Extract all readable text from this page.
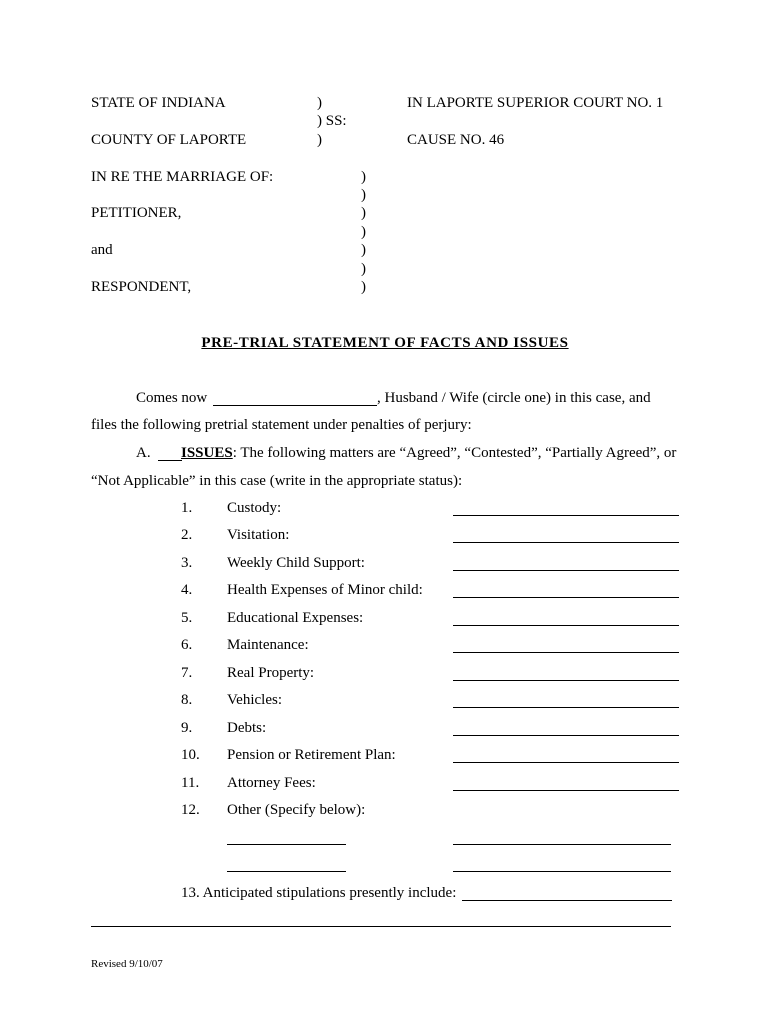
STATE OF INDIANA
COUNTY OF LAPORTE
)
) SS:
)
IN LAPORTE SUPERIOR COURT NO. 1
CAUSE NO. 46
IN RE THE MARRIAGE OF:
PETITIONER,
and
RESPONDENT,
)
)
)
)
)
)
)
PRE-TRIAL STATEMENT OF FACTS AND ISSUES
Comes now	, Husband / Wife (circle one) in this case, and
files the following pretrial statement under penalties of perjury:
A. ISSUES: The following matters are “Agreed”, “Contested”, “Partially Agreed”, or
“Not Applicable” in this case (write in the appropriate status):
1. Custody:
2. Visitation:
3. Weekly Child Support:
4. Health Expenses of Minor child:
5. Educational Expenses:
6. Maintenance:
7. Real Property:
8. Vehicles:
9. Debts:
10. Pension or Retirement Plan:
11. Attorney Fees:
12. Other (Specify below):
13. Anticipated stipulations presently include:
Revised 9/10/07
